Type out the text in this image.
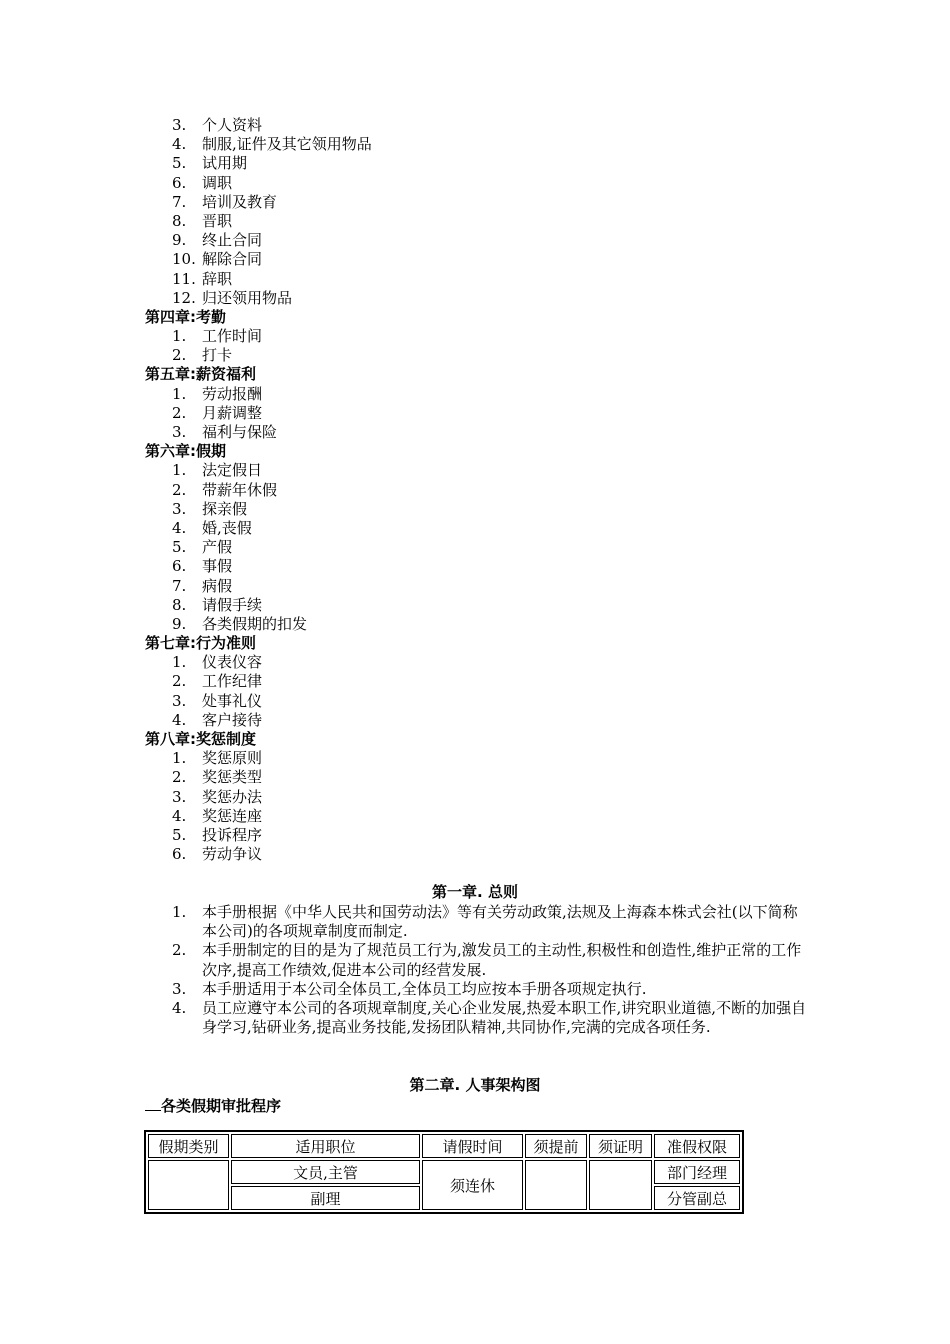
3.	个人资料
4.	制服,证件及其它领用物品
5.	试用期
6.	调职
7.	培训及教育
8.	晋职
9.	终止合同
10. 解除合同
11. 辞职
12. 归还领用物品
第四章:考勤
1.	工作时间
2.	打卡
第五章:薪资福利
1.	劳动报酬
2.	月薪调整
3.	福利与保险
第六章:假期
1.	法定假日
2.	带薪年休假
3.	探亲假
4.	婚,丧假
5.	产假
6.	事假
7.	病假
8.	请假手续
9.	各类假期的扣发
第七章:行为准则
1.	仪表仪容
2.	工作纪律
3.	处事礼仪
4.	客户接待
第八章:奖惩制度
1.	奖惩原则
2.	奖惩类型
3.	奖惩办法
4.	奖惩连座
5.	投诉程序
6.	劳动争议
第一章. 总则
1.	本手册根据《中华人民共和国劳动法》等有关劳动政策,法规及上海森本株式会社(以下简称本公司)的各项规章制度而制定.
2.	本手册制定的目的是为了规范员工行为,激发员工的主动性,积极性和创造性,维护正常的工作次序,提高工作绩效,促进本公司的经营发展.
3.	本手册适用于本公司全体员工,全体员工均应按本手册各项规定执行.
4.	员工应遵守本公司的各项规章制度,关心企业发展,热爱本职工作,讲究职业道德,不断的加强自身学习,钻研业务,提高业务技能,发扬团队精神,共同协作,完满的完成各项任务.
第二章. 人事架构图
各类假期审批程序
假期类别	适用职位	请假时间	须提前	须证明	准假权限
	文员,主管	须连休			部门经理
	副理				分管副总
